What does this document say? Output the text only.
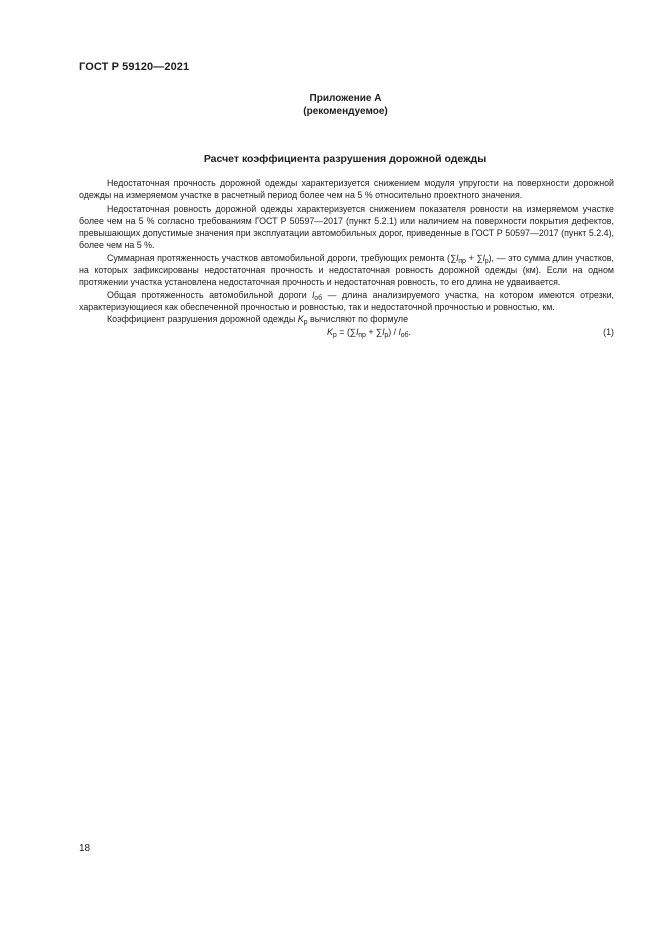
ГОСТ Р 59120—2021
Приложение А
(рекомендуемое)
Расчет коэффициента разрушения дорожной одежды

Недостаточная прочность дорожной одежды характеризуется снижением модуля упругости на поверхности дорожной одежды на измеряемом участке в расчетный период более чем на 5 % относительно проектного значения.

Недостаточная ровность дорожной одежды характеризуется снижением показателя ровности на измеряемом участке более чем на 5 % согласно требованиям ГОСТ Р 50597—2017 (пункт 5.2.1) или наличием на поверхности покрытия дефектов, превышающих допустимые значения при эксплуатации автомобильных дорог, приведенные в ГОСТ Р 50597—2017 (пункт 5.2.4), более чем на 5 %.

Суммарная протяженность участков автомобильной дороги, требующих ремонта $(\sum l_{пр} + \sum l_р)$, — это сумма длин участков, на которых зафиксированы недостаточная прочность и недостаточная ровность дорожной одежды (км). Если на одном протяжении участка установлена недостаточная прочность и недостаточная ровность, то его длина не удваивается.

Общая протяженность автомобильной дороги $l_{об}$ — длина анализируемого участка, на котором имеются отрезки, характеризующиеся как обеспеченной прочностью и ровностью, так и недостаточной прочностью и ровностью, км.

Коэффициент разрушения дорожной одежды $K_р$ вычисляют по формуле

$K_р = (\sum l_{пр} + \sum l_р) / l_{об}$.	(1)

18
